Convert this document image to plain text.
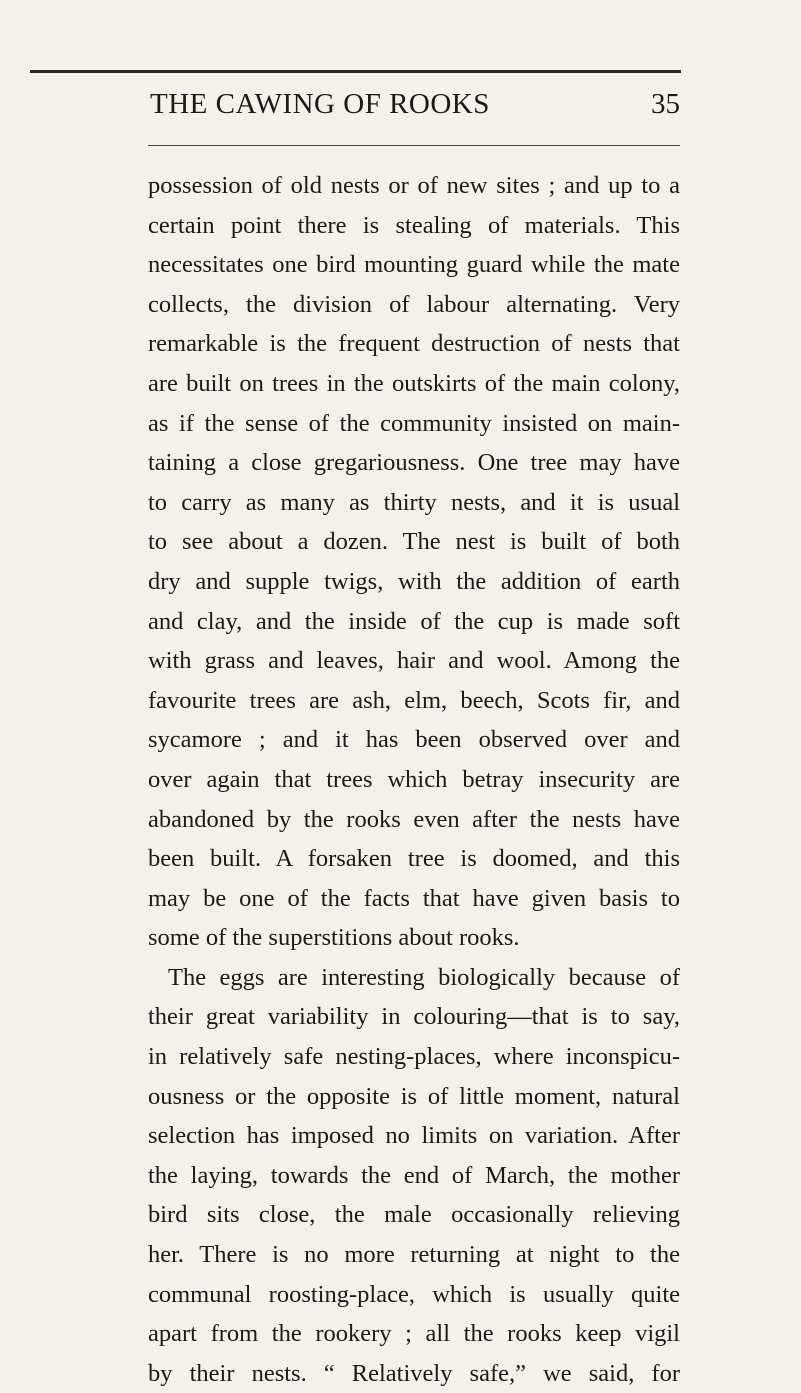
THE CAWING OF ROOKS	35
possession of old nests or of new sites ; and up to a
certain point there is stealing of materials. This
necessitates one bird mounting guard while the mate
collects, the division of labour alternating. Very
remarkable is the frequent destruction of nests that
are built on trees in the outskirts of the main colony,
as if the sense of the community insisted on main-
taining a close gregariousness. One tree may have
to carry as many as thirty nests, and it is usual
to see about a dozen. The nest is built of both
dry and supple twigs, with the addition of earth
and clay, and the inside of the cup is made soft
with grass and leaves, hair and wool. Among the
favourite trees are ash, elm, beech, Scots fir, and
sycamore ; and it has been observed over and
over again that trees which betray insecurity are
abandoned by the rooks even after the nests have
been built. A forsaken tree is doomed, and this
may be one of the facts that have given basis to
some of the superstitions about rooks.
The eggs are interesting biologically because of
their great variability in colouring—that is to say,
in relatively safe nesting-places, where inconspicu-
ousness or the opposite is of little moment, natural
selection has imposed no limits on variation. After
the laying, towards the end of March, the mother
bird sits close, the male occasionally relieving
her. There is no more returning at night to the
communal roosting-place, which is usually quite
apart from the rookery ; all the rooks keep vigil
by their nests. “ Relatively safe,” we said, for
